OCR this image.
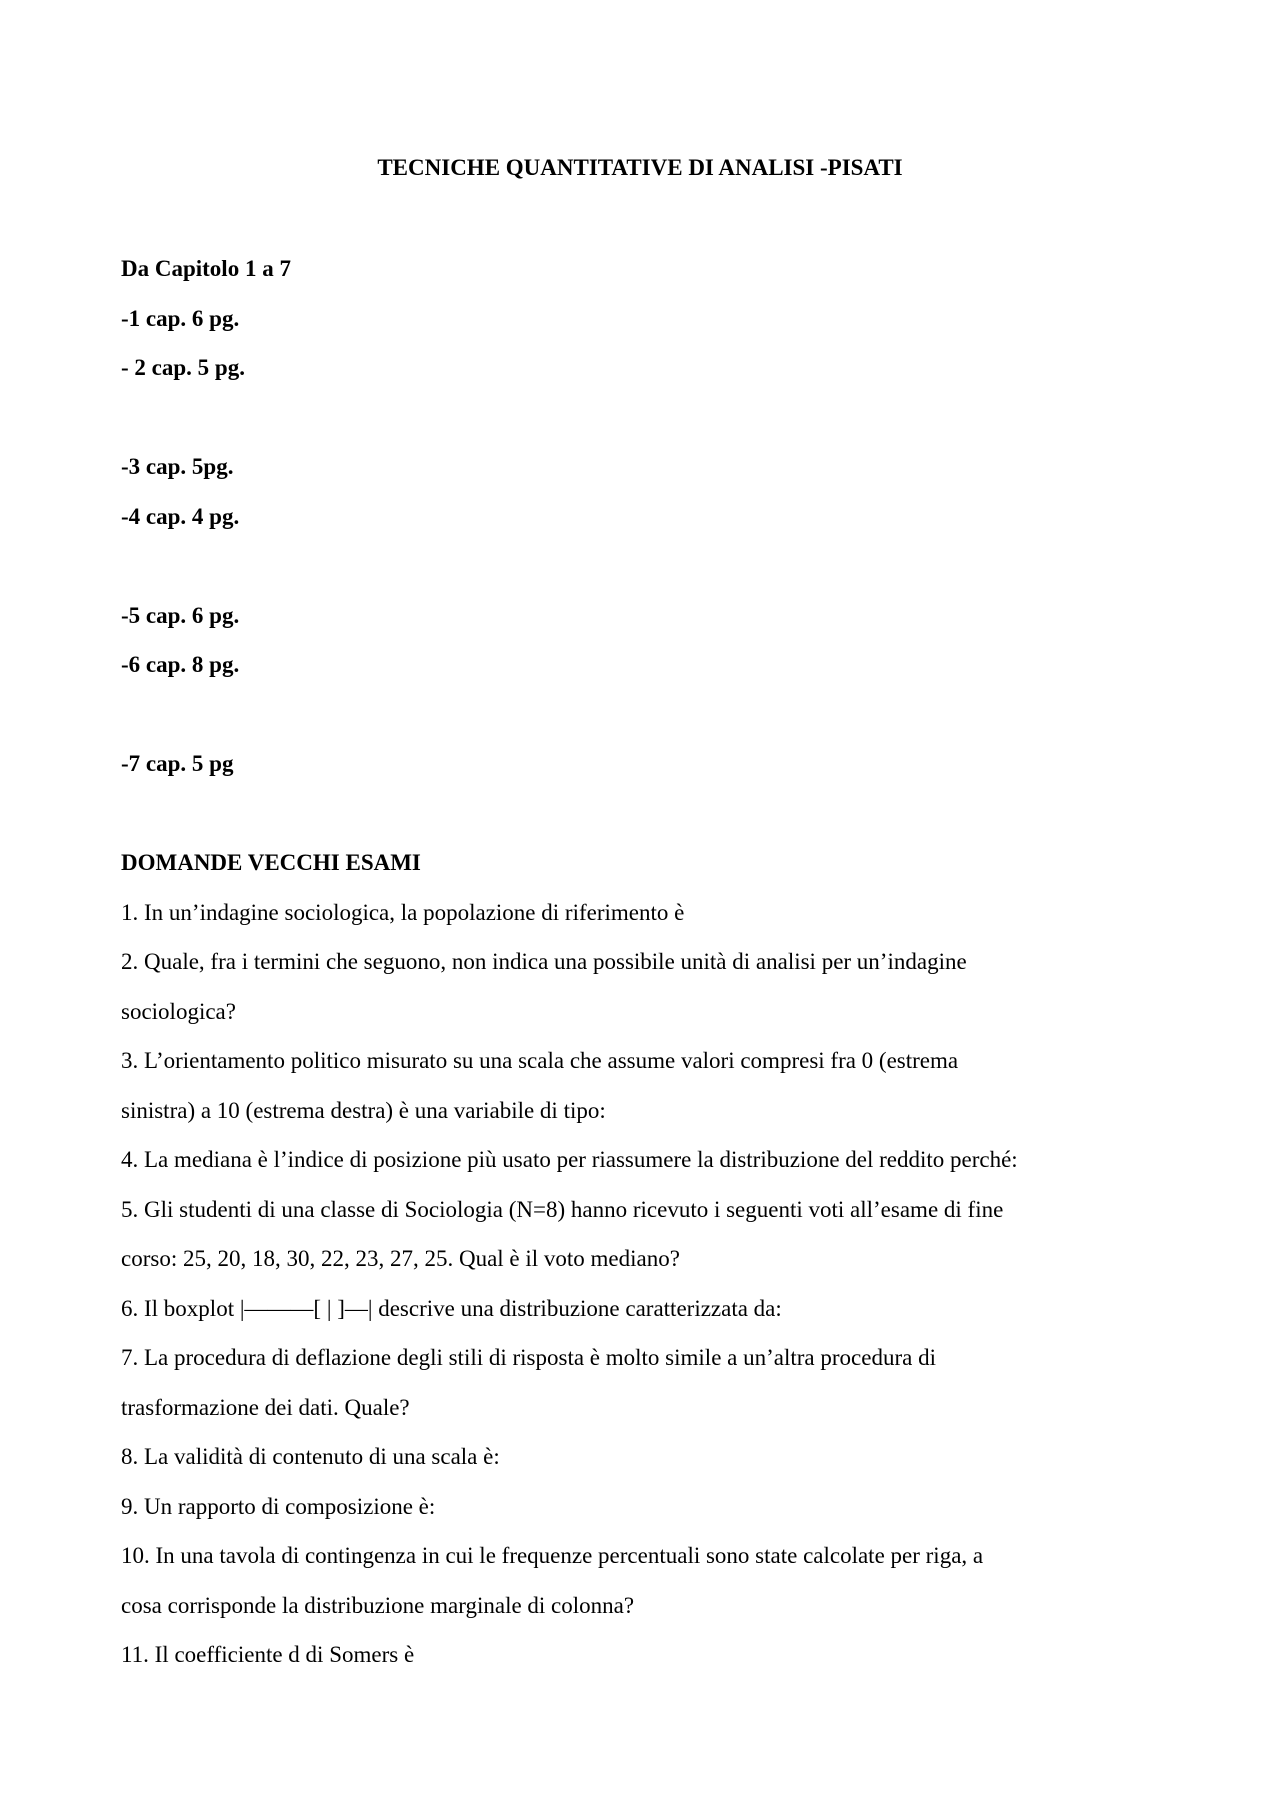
TECNICHE QUANTITATIVE DI ANALISI -PISATI
Da Capitolo 1 a 7
-1 cap. 6 pg.
- 2 cap. 5 pg.
-3 cap. 5pg.
-4 cap. 4 pg.
-5 cap. 6 pg.
-6 cap. 8 pg.
-7 cap. 5 pg
DOMANDE VECCHI ESAMI
1. In un’indagine sociologica, la popolazione di riferimento è
2. Quale, fra i termini che seguono, non indica una possibile unità di analisi per un’indagine
sociologica?
3. L’orientamento politico misurato su una scala che assume valori compresi fra 0 (estrema
sinistra) a 10 (estrema destra) è una variabile di tipo:
4. La mediana è l’indice di posizione più usato per riassumere la distribuzione del reddito perché:
5. Gli studenti di una classe di Sociologia (N=8) hanno ricevuto i seguenti voti all’esame di fine
corso: 25, 20, 18, 30, 22, 23, 27, 25. Qual è il voto mediano?
6. Il boxplot |———[ | ]—| descrive una distribuzione caratterizzata da:
7. La procedura di deflazione degli stili di risposta è molto simile a un’altra procedura di
trasformazione dei dati. Quale?
8. La validità di contenuto di una scala è:
9. Un rapporto di composizione è:
10. In una tavola di contingenza in cui le frequenze percentuali sono state calcolate per riga, a
cosa corrisponde la distribuzione marginale di colonna?
11. Il coefficiente d di Somers è
